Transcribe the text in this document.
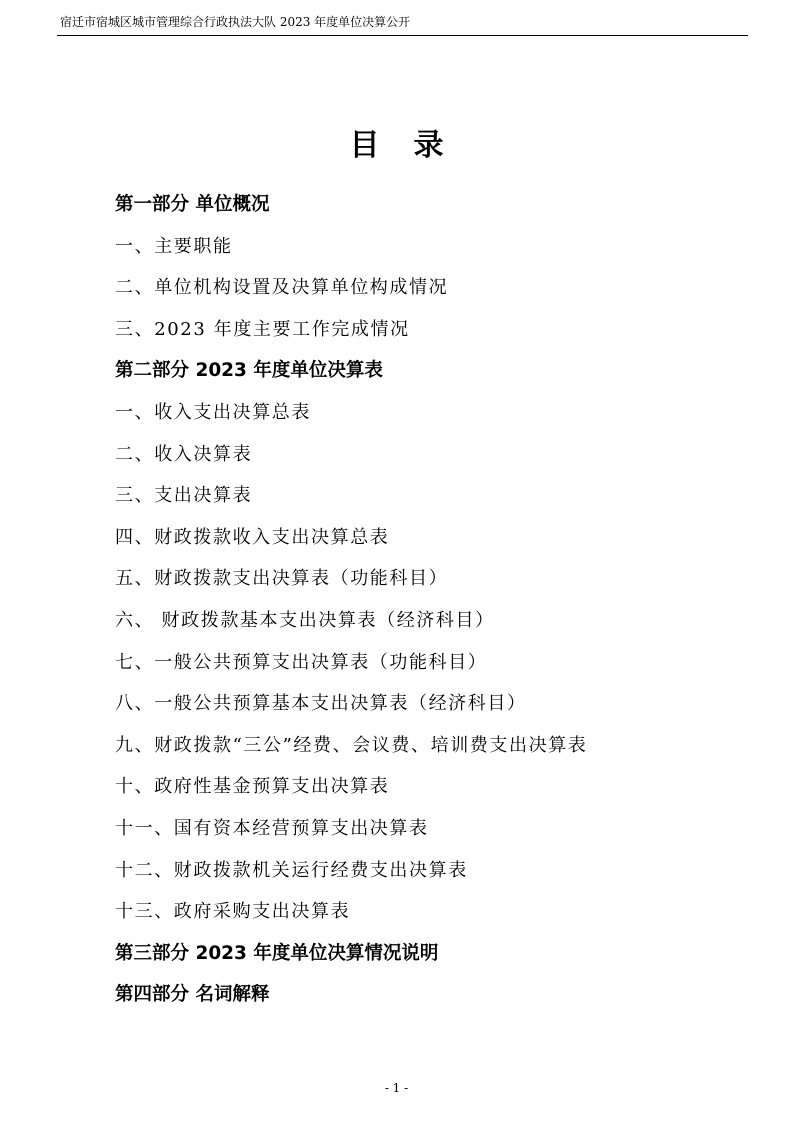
宿迁市宿城区城市管理综合行政执法大队 2023 年度单位决算公开
目录
第一部分 单位概况
一、主要职能
二、单位机构设置及决算单位构成情况
三、2023 年度主要工作完成情况
第二部分 2023 年度单位决算表
一、收入支出决算总表
二、收入决算表
三、支出决算表
四、财政拨款收入支出决算总表
五、财政拨款支出决算表（功能科目）
六、 财政拨款基本支出决算表（经济科目）
七、一般公共预算支出决算表（功能科目）
八、一般公共预算基本支出决算表（经济科目）
九、财政拨款“三公”经费、会议费、培训费支出决算表
十、政府性基金预算支出决算表
十一、国有资本经营预算支出决算表
十二、财政拨款机关运行经费支出决算表
十三、政府采购支出决算表
第三部分 2023 年度单位决算情况说明
第四部分 名词解释
- 1 -
